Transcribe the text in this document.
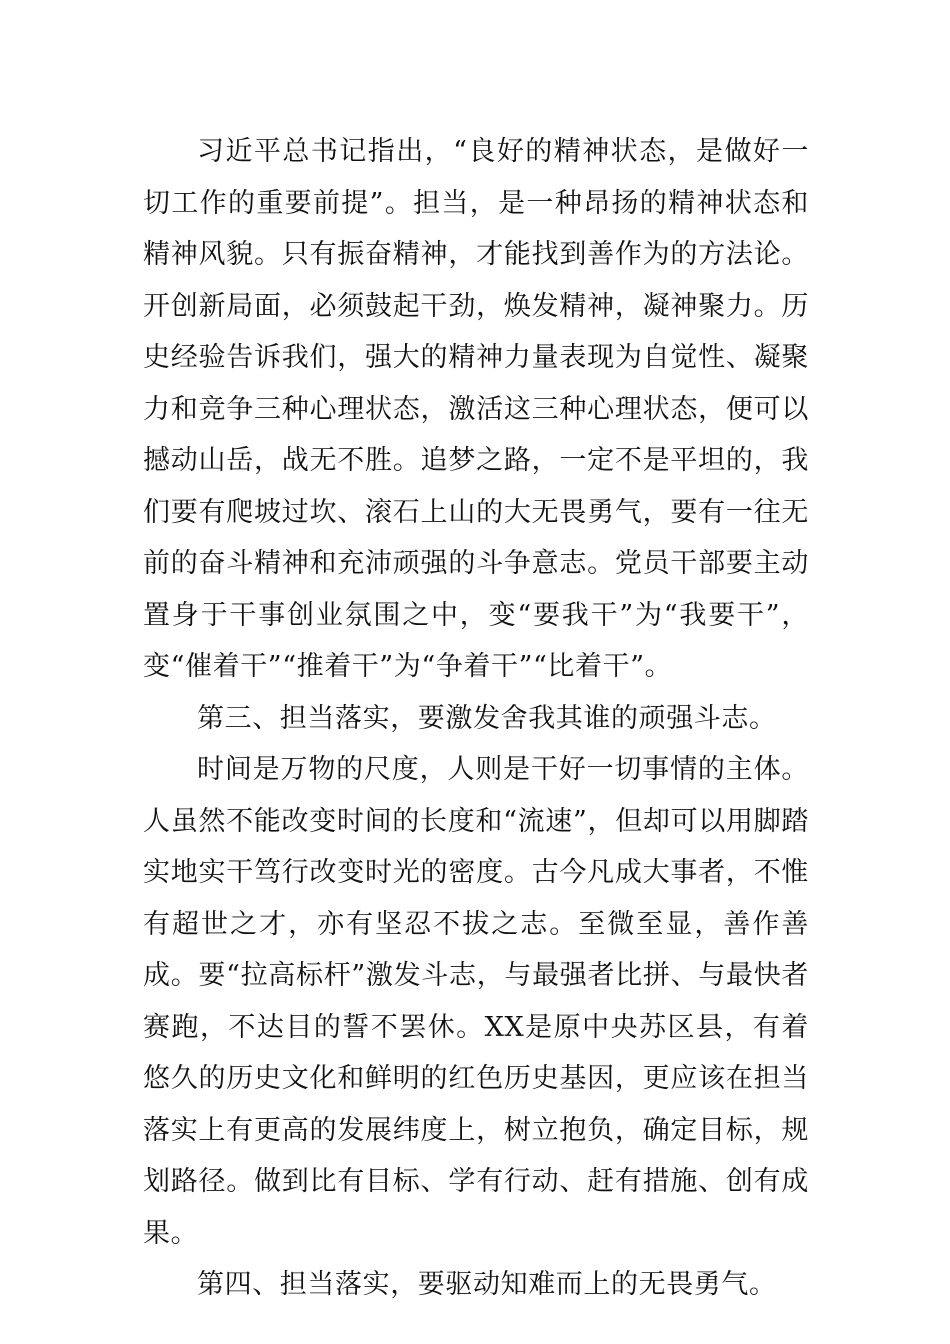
习近平总书记指出，“良好的精神状态，是做好一切工作的重要前提”。担当，是一种昂扬的精神状态和精神风貌。只有振奋精神，才能找到善作为的方法论。开创新局面，必须鼓起干劲，焕发精神，凝神聚力。历史经验告诉我们，强大的精神力量表现为自觉性、凝聚力和竞争三种心理状态，激活这三种心理状态，便可以撼动山岳，战无不胜。追梦之路，一定不是平坦的，我们要有爬坡过坎、滚石上山的大无畏勇气，要有一往无前的奋斗精神和充沛顽强的斗争意志。党员干部要主动置身于干事创业氛围之中，变“要我干”为“我要干”，变“催着干”“推着干”为“争着干”“比着干”。

第三、担当落实，要激发舍我其谁的顽强斗志。

时间是万物的尺度，人则是干好一切事情的主体。人虽然不能改变时间的长度和“流速”，但却可以用脚踏实地实干笃行改变时光的密度。古今凡成大事者，不惟有超世之才，亦有坚忍不拔之志。至微至显，善作善成。要“拉高标杆”激发斗志，与最强者比拼、与最快者赛跑，不达目的誓不罢休。XX是原中央苏区县，有着悠久的历史文化和鲜明的红色历史基因，更应该在担当落实上有更高的发展纬度上，树立抱负，确定目标，规划路径。做到比有目标、学有行动、赶有措施、创有成果。

第四、担当落实，要驱动知难而上的无畏勇气。
